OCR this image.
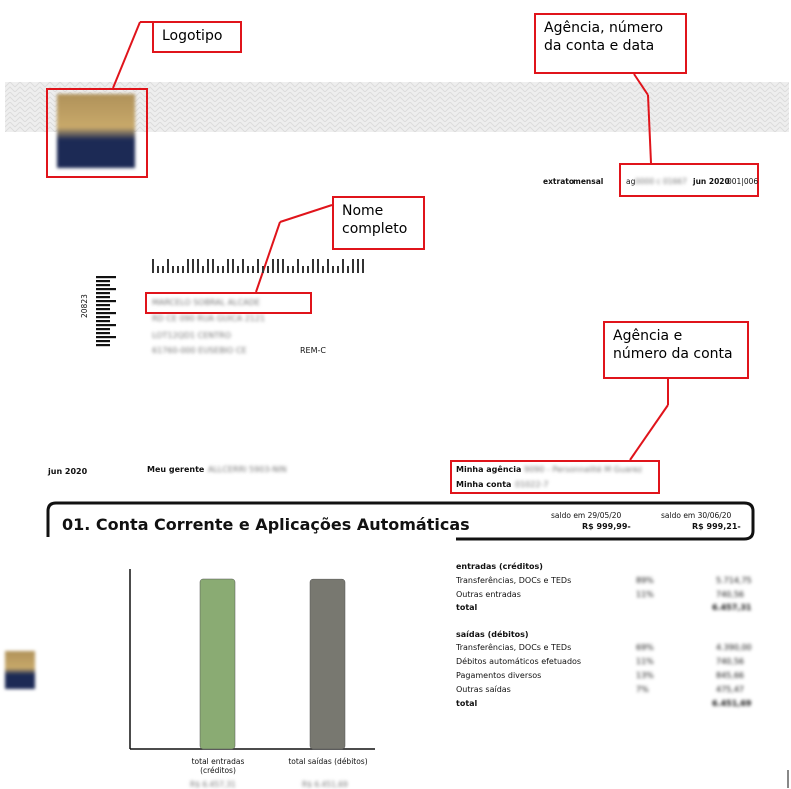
Logotipo	Agência, número
da conta e data
Nome
completo
Agência e
número da conta
extrato
mensal	ag 0000 c 01667 jun 2020
001|006
20823	MARCELO SOBRAL ALCADE
RD CE 090 RUA GUICA 2121
LOT12QD1 CENTRO
61760-000 EUSEBIO CE	REM-C
jun 2020	Meu gerente ALLCERRI 5903-NIN	Minha agência 9090 - Personnalité M Guarez
Minha conta 01022-7
01. Conta Corrente e Aplicações Automáticas	saldo em 29/05/20
R$ 999,99-
saldo em 30/06/20
R$ 999,21-
total entradas (créditos)
total saídas (débitos)
R$ 6.457,31	R$ 6.451,69
entradas (créditos)
Transferências, DOCs e TEDs	89%	5.714,75
Outras entradas	11%	740,56
total	6.457,31
saídas (débitos)
Transferências, DOCs e TEDs	69%	4.390,00
Débitos automáticos efetuados	11%	740,56
Pagamentos diversos	13%	845,66
Outras saídas	7%	475,47
total	6.451,69
